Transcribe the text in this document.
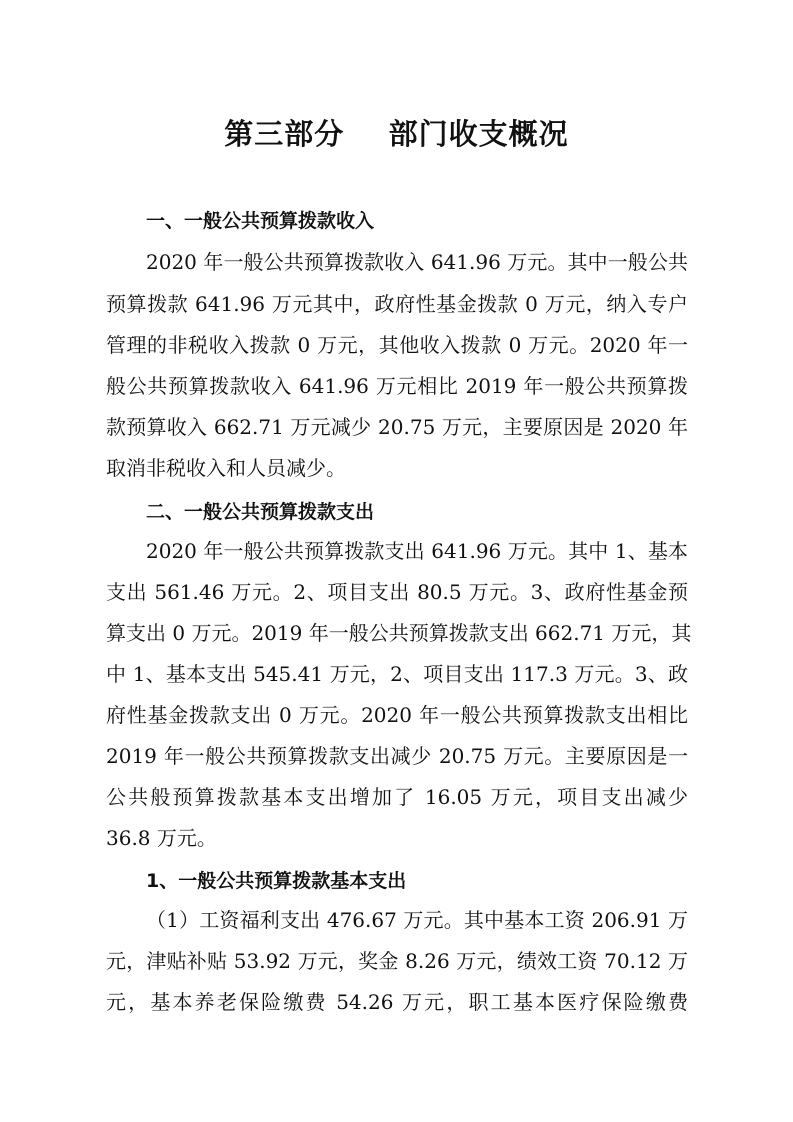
第三部分    部门收支概况
一、一般公共预算拨款收入
2020 年一般公共预算拨款收入 641.96 万元。其中一般公共
预算拨款 641.96 万元其中，政府性基金拨款 0 万元，纳入专户
管理的非税收入拨款 0 万元，其他收入拨款 0 万元。2020 年一
般公共预算拨款收入 641.96 万元相比 2019 年一般公共预算拨
款预算收入 662.71 万元减少 20.75 万元，主要原因是 2020 年
取消非税收入和人员减少。
二、一般公共预算拨款支出
2020 年一般公共预算拨款支出 641.96 万元。其中 1、基本
支出 561.46 万元。2、项目支出 80.5 万元。3、政府性基金预
算支出 0 万元。2019 年一般公共预算拨款支出 662.71 万元，其
中 1、基本支出 545.41 万元，2、项目支出 117.3 万元。3、政
府性基金拨款支出 0 万元。2020 年一般公共预算拨款支出相比
2019 年一般公共预算拨款支出减少 20.75 万元。主要原因是一
公共般预算拨款基本支出增加了 16.05 万元，项目支出减少
36.8 万元。
1、一般公共预算拨款基本支出
（1）工资福利支出 476.67 万元。其中基本工资 206.91 万
元，津贴补贴 53.92 万元，奖金 8.26 万元，绩效工资 70.12 万
元，基本养老保险缴费 54.26 万元，职工基本医疗保险缴费
